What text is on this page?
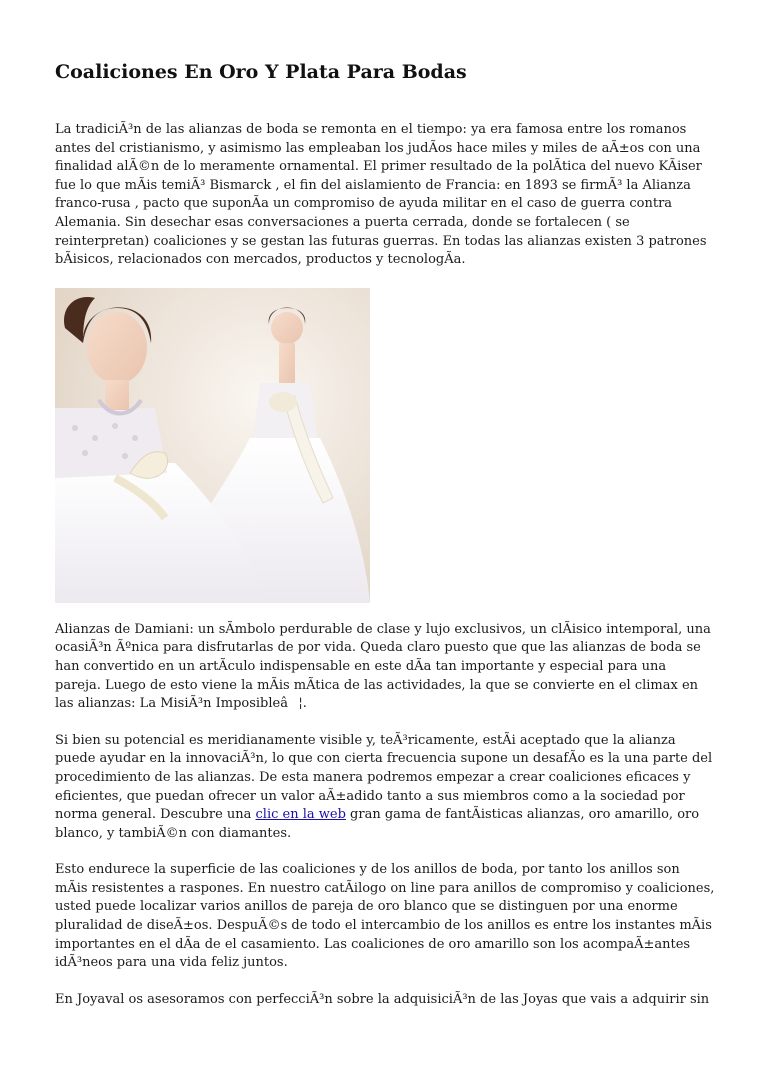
Coaliciones En Oro Y Plata Para Bodas

La tradiciÃ³n de las alianzas de boda se remonta en el tiempo: ya era famosa entre los romanos antes del cristianismo, y asimismo las empleaban los judÃos hace miles y miles de aÃ±os con una finalidad alÃ©n de lo meramente ornamental. El primer resultado de la polÃtica del nuevo KÃiser fue lo que mÃis temiÃ³ Bismarck , el fin del aislamiento de Francia: en 1893 se firmÃ³ la Alianza franco-rusa , pacto que suponÃa un compromiso de ayuda militar en el caso de guerra contra Alemania. Sin desechar esas conversaciones a puerta cerrada, donde se fortalecen ( se reinterpretan) coaliciones y se gestan las futuras guerras. En todas las alianzas existen 3 patrones bÃisicos, relacionados con mercados, productos y tecnologÃa.

Alianzas de Damiani: un sÃmbolo perdurable de clase y lujo exclusivos, un clÃisico intemporal, una ocasiÃ³n Ãºnica para disfrutarlas de por vida. Queda claro puesto que que las alianzas de boda se han convertido en un artÃculo indispensable en este dÃa tan importante y especial para una pareja. Luego de esto viene la mÃis mÃtica de las actividades, la que se convierte en el climax en las alianzas: La MisiÃ³n Imposibleâ¦.

Si bien su potencial es meridianamente visible y, teÃ³ricamente, estÃi aceptado que la alianza puede ayudar en la innovaciÃ³n, lo que con cierta frecuencia supone un desafÃo es la una parte del procedimiento de las alianzas. De esta manera podremos empezar a crear coaliciones eficaces y eficientes, que puedan ofrecer un valor aÃ±adido tanto a sus miembros como a la sociedad por norma general. Descubre una clic en la web gran gama de fantÃisticas alianzas, oro amarillo, oro blanco, y tambiÃ©n con diamantes.

Esto endurece la superficie de las coaliciones y de los anillos de boda, por tanto los anillos son mÃis resistentes a raspones. En nuestro catÃilogo on line para anillos de compromiso y coaliciones, usted puede localizar varios anillos de pareja de oro blanco que se distinguen por una enorme pluralidad de diseÃ±os. DespuÃ©s de todo el intercambio de los anillos es entre los instantes mÃis importantes en el dÃa de el casamiento. Las coaliciones de oro amarillo son los acompaÃ±antes idÃ³neos para una vida feliz juntos.

En Joyaval os asesoramos con perfecciÃ³n sobre la adquisiciÃ³n de las Joyas que vais a adquirir sin
